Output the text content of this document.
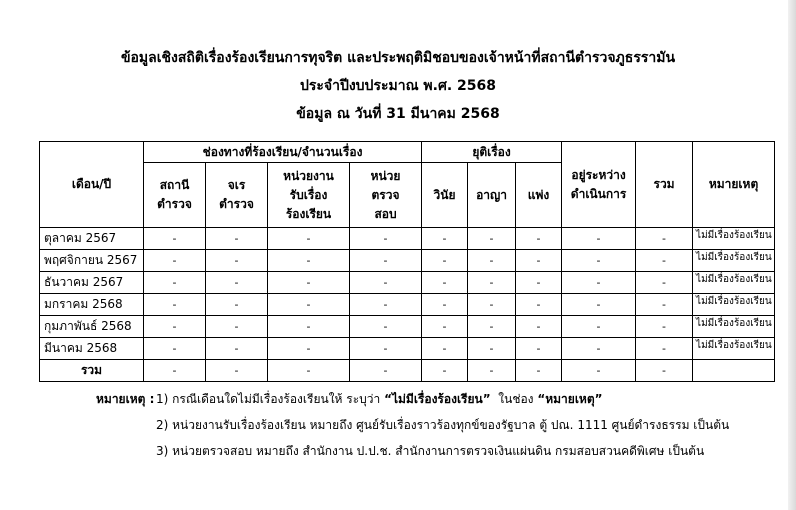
ข้อมูลเชิงสถิติเรื่องร้องเรียนการทุจริต และประพฤติมิชอบของเจ้าหน้าที่สถานีตำรวจภูธรรามัน
ประจำปีงบประมาณ พ.ศ. 2568
ข้อมูล ณ วันที่ 31 มีนาคม 2568
เดือน/ปี	ช่องทางที่ร้องเรียน/จำนวนเรื่อง				ยุติเรื่อง			อยู่ระหว่างดำเนินการ	รวม	หมายเหตุ
	สถานีตำรวจ	จเรตำรวจ	หน่วยงานรับเรื่องร้องเรียน	หน่วยตรวจสอบ	วินัย	อาญา	แพ่ง			
ตุลาคม 2567	-	-	-	-	-	-	-	-	-	ไม่มีเรื่องร้องเรียน
พฤศจิกายน 2567	-	-	-	-	-	-	-	-	-	ไม่มีเรื่องร้องเรียน
ธันวาคม 2567	-	-	-	-	-	-	-	-	-	ไม่มีเรื่องร้องเรียน
มกราคม 2568	-	-	-	-	-	-	-	-	-	ไม่มีเรื่องร้องเรียน
กุมภาพันธ์ 2568	-	-	-	-	-	-	-	-	-	ไม่มีเรื่องร้องเรียน
มีนาคม 2568	-	-	-	-	-	-	-	-	-	ไม่มีเรื่องร้องเรียน
รวม	-	-	-	-	-	-	-	-	-	
หมายเหตุ : 1) กรณีเดือนใดไม่มีเรื่องร้องเรียนให้ ระบุว่า “ไม่มีเรื่องร้องเรียน”  ในช่อง “หมายเหตุ”
2) หน่วยงานรับเรื่องร้องเรียน หมายถึง ศูนย์รับเรื่องราวร้องทุกข์ของรัฐบาล ตู้ ปณ. 1111 ศูนย์ดำรงธรรม เป็นต้น
3) หน่วยตรวจสอบ หมายถึง สำนักงาน ป.ป.ช. สำนักงานการตรวจเงินแผ่นดิน กรมสอบสวนคดีพิเศษ เป็นต้น
